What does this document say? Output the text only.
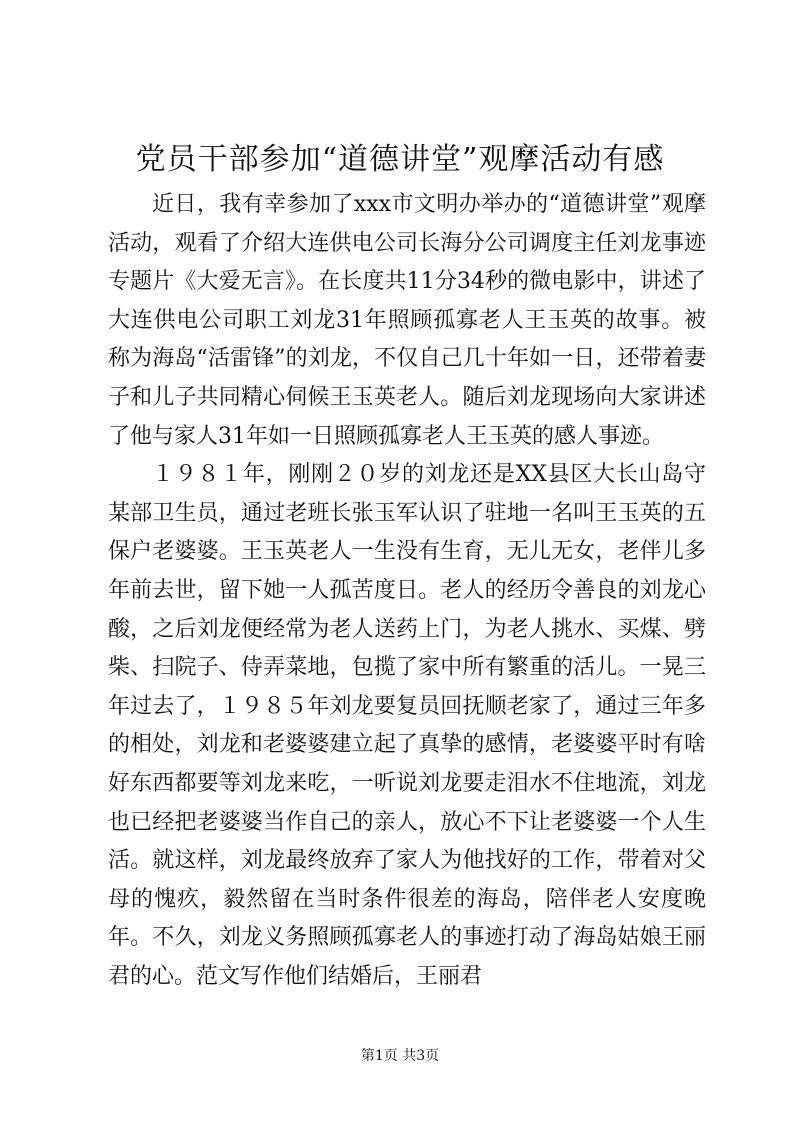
党员干部参加“道德讲堂”观摩活动有感

近日，我有幸参加了xxx市文明办举办的“道德讲堂”观摩活动，观看了介绍大连供电公司长海分公司调度主任刘龙事迹专题片《大爱无言》。在长度共11分34秒的微电影中，讲述了大连供电公司职工刘龙31年照顾孤寡老人王玉英的故事。被称为海岛“活雷锋”的刘龙，不仅自己几十年如一日，还带着妻子和儿子共同精心伺候王玉英老人。随后刘龙现场向大家讲述了他与家人31年如一日照顾孤寡老人王玉英的感人事迹。

１９８１年，刚刚２０岁的刘龙还是XX县区大长山岛守某部卫生员，通过老班长张玉军认识了驻地一名叫王玉英的五保户老婆婆。王玉英老人一生没有生育，无儿无女，老伴儿多年前去世，留下她一人孤苦度日。老人的经历令善良的刘龙心酸，之后刘龙便经常为老人送药上门，为老人挑水、买煤、劈柴、扫院子、侍弄菜地，包揽了家中所有繁重的活儿。一晃三年过去了，１９８５年刘龙要复员回抚顺老家了，通过三年多的相处，刘龙和老婆婆建立起了真挚的感情，老婆婆平时有啥好东西都要等刘龙来吃，一听说刘龙要走泪水不住地流，刘龙也已经把老婆婆当作自己的亲人，放心不下让老婆婆一个人生活。就这样，刘龙最终放弃了家人为他找好的工作，带着对父母的愧疚，毅然留在当时条件很差的海岛，陪伴老人安度晚年。不久，刘龙义务照顾孤寡老人的事迹打动了海岛姑娘王丽君的心。范文写作他们结婚后，王丽君

第1页 共3页
